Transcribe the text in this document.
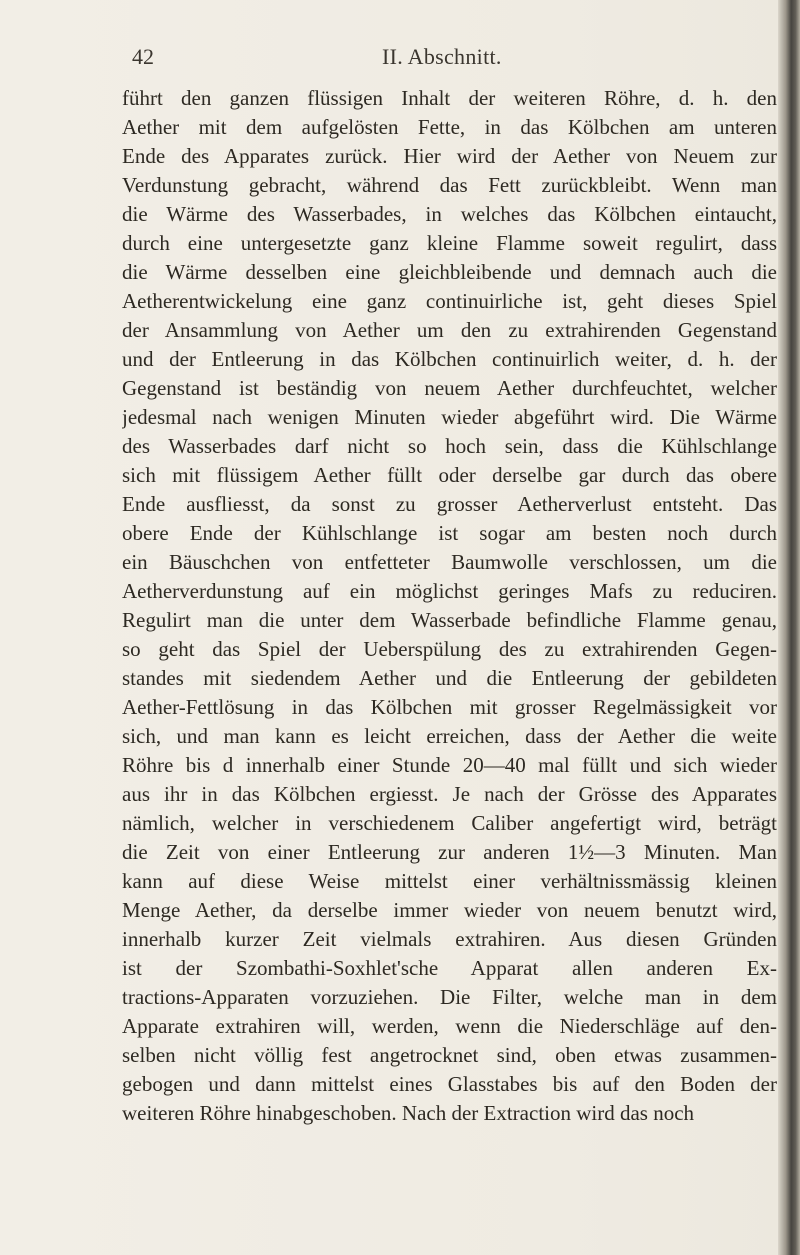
42	II. Abschnitt.
führt den ganzen flüssigen Inhalt der weiteren Röhre, d. h. den
Aether mit dem aufgelösten Fette, in das Kölbchen am unteren
Ende des Apparates zurück. Hier wird der Aether von Neuem zur
Verdunstung gebracht, während das Fett zurückbleibt. Wenn man
die Wärme des Wasserbades, in welches das Kölbchen eintaucht,
durch eine untergesetzte ganz kleine Flamme soweit regulirt, dass
die Wärme desselben eine gleichbleibende und demnach auch die
Aetherentwickelung eine ganz continuirliche ist, geht dieses Spiel
der Ansammlung von Aether um den zu extrahirenden Gegenstand
und der Entleerung in das Kölbchen continuirlich weiter, d. h. der
Gegenstand ist beständig von neuem Aether durchfeuchtet, welcher
jedesmal nach wenigen Minuten wieder abgeführt wird. Die Wärme
des Wasserbades darf nicht so hoch sein, dass die Kühlschlange
sich mit flüssigem Aether füllt oder derselbe gar durch das obere
Ende ausfliesst, da sonst zu grosser Aetherverlust entsteht. Das
obere Ende der Kühlschlange ist sogar am besten noch durch
ein Bäuschchen von entfetteter Baumwolle verschlossen, um die
Aetherverdunstung auf ein möglichst geringes Mafs zu reduciren.
Regulirt man die unter dem Wasserbade befindliche Flamme genau,
so geht das Spiel der Ueberspülung des zu extrahirenden Gegen-
standes mit siedendem Aether und die Entleerung der gebildeten
Aether-Fettlösung in das Kölbchen mit grosser Regelmässigkeit vor
sich, und man kann es leicht erreichen, dass der Aether die weite
Röhre bis d innerhalb einer Stunde 20—40 mal füllt und sich wieder
aus ihr in das Kölbchen ergiesst. Je nach der Grösse des Apparates
nämlich, welcher in verschiedenem Caliber angefertigt wird, beträgt
die Zeit von einer Entleerung zur anderen 1½—3 Minuten. Man
kann auf diese Weise mittelst einer verhältnissmässig kleinen
Menge Aether, da derselbe immer wieder von neuem benutzt wird,
innerhalb kurzer Zeit vielmals extrahiren. Aus diesen Gründen
ist der Szombathi-Soxhlet'sche Apparat allen anderen Ex-
tractions-Apparaten vorzuziehen. Die Filter, welche man in dem
Apparate extrahiren will, werden, wenn die Niederschläge auf den-
selben nicht völlig fest angetrocknet sind, oben etwas zusammen-
gebogen und dann mittelst eines Glasstabes bis auf den Boden der
weiteren Röhre hinabgeschoben. Nach der Extraction wird das noch
